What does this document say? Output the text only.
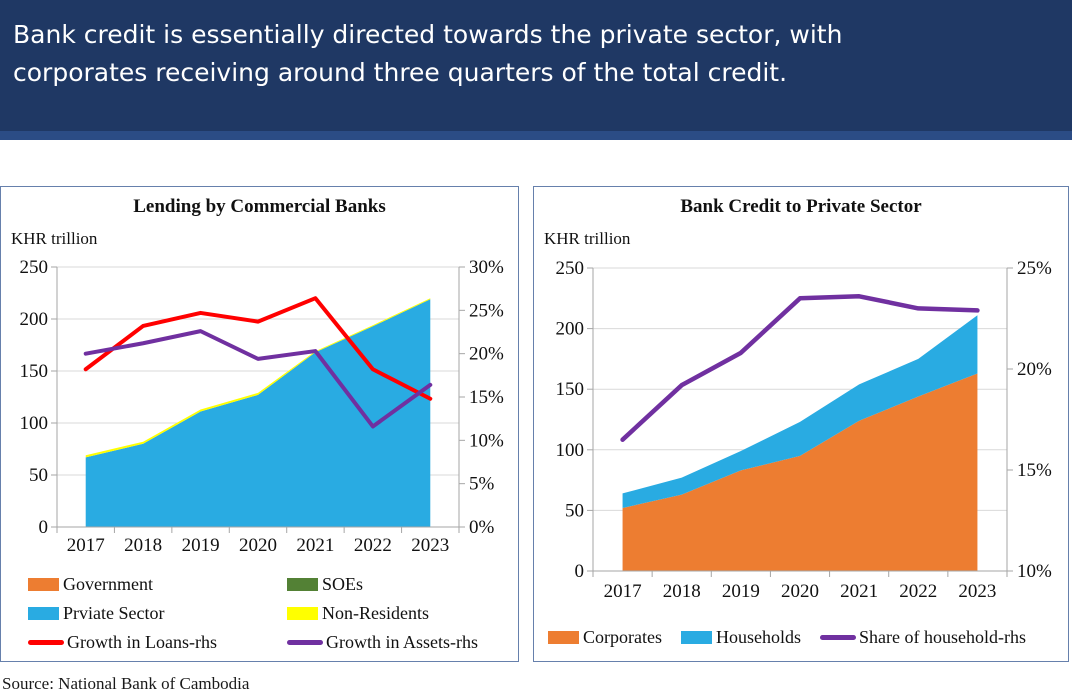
Bank credit is essentially directed towards the private sector, with corporates receiving around three quarters of the total credit.
Lending by Commercial Banks
KHR trillion
0
50
100
150
200
250
0%
5%
10%
15%
20%
25%
30%
2017 2018 2019 2020 2021 2022 2023
Government	SOEs
Prviate Sector	Non-Residents
Growth in Loans-rhs	Growth in Assets-rhs
Bank Credit to Private Sector
KHR trillion
0
50
100
150
200
250
10%
15%
20%
25%
2017 2018 2019 2020 2021 2022 2023
Corporates	Households	Share of household-rhs
Source: National Bank of Cambodia
